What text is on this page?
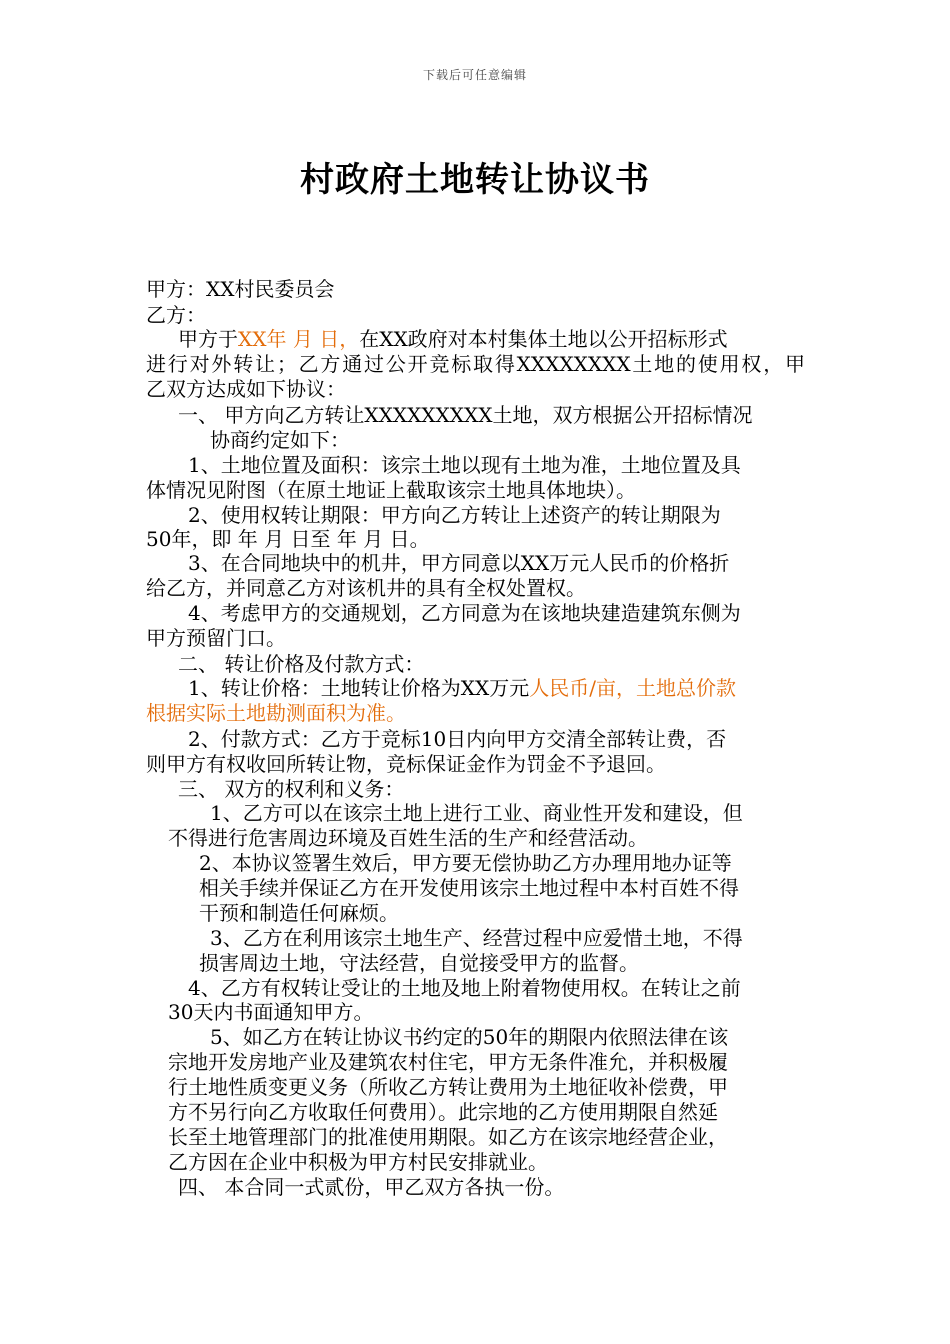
下载后可任意编辑
村政府土地转让协议书
甲方：XX村民委员会
乙方：
甲方于XX年 月 日，在XX政府对本村集体土地以公开招标形式
进行对外转让；乙方通过公开竞标取得XXXXXXXX土地的使用权，甲
乙双方达成如下协议：
一、 甲方向乙方转让XXXXXXXXX土地，双方根据公开招标情况
协商约定如下：
1、土地位置及面积：该宗土地以现有土地为准，土地位置及具
体情况见附图（在原土地证上截取该宗土地具体地块）。
2、使用权转让期限：甲方向乙方转让上述资产的转让期限为
50年，即 年 月 日至 年 月 日。
3、在合同地块中的机井，甲方同意以XX万元人民币的价格折
给乙方，并同意乙方对该机井的具有全权处置权。
4、考虑甲方的交通规划，乙方同意为在该地块建造建筑东侧为
甲方预留门口。
二、 转让价格及付款方式：
1、转让价格：土地转让价格为XX万元人民币/亩，土地总价款
根据实际土地勘测面积为准。
2、付款方式：乙方于竞标10日内向甲方交清全部转让费，否
则甲方有权收回所转让物，竞标保证金作为罚金不予退回。
三、 双方的权利和义务：
1、乙方可以在该宗土地上进行工业、商业性开发和建设，但
不得进行危害周边环境及百姓生活的生产和经营活动。
2、本协议签署生效后，甲方要无偿协助乙方办理用地办证等
相关手续并保证乙方在开发使用该宗土地过程中本村百姓不得
干预和制造任何麻烦。
3、乙方在利用该宗土地生产、经营过程中应爱惜土地，不得
损害周边土地，守法经营，自觉接受甲方的监督。
4、乙方有权转让受让的土地及地上附着物使用权。在转让之前
30天内书面通知甲方。
5、如乙方在转让协议书约定的50年的期限内依照法律在该
宗地开发房地产业及建筑农村住宅，甲方无条件准允，并积极履
行土地性质变更义务（所收乙方转让费用为土地征收补偿费，甲
方不另行向乙方收取任何费用）。此宗地的乙方使用期限自然延
长至土地管理部门的批准使用期限。如乙方在该宗地经营企业，
乙方因在企业中积极为甲方村民安排就业。
四、 本合同一式贰份，甲乙双方各执一份。
